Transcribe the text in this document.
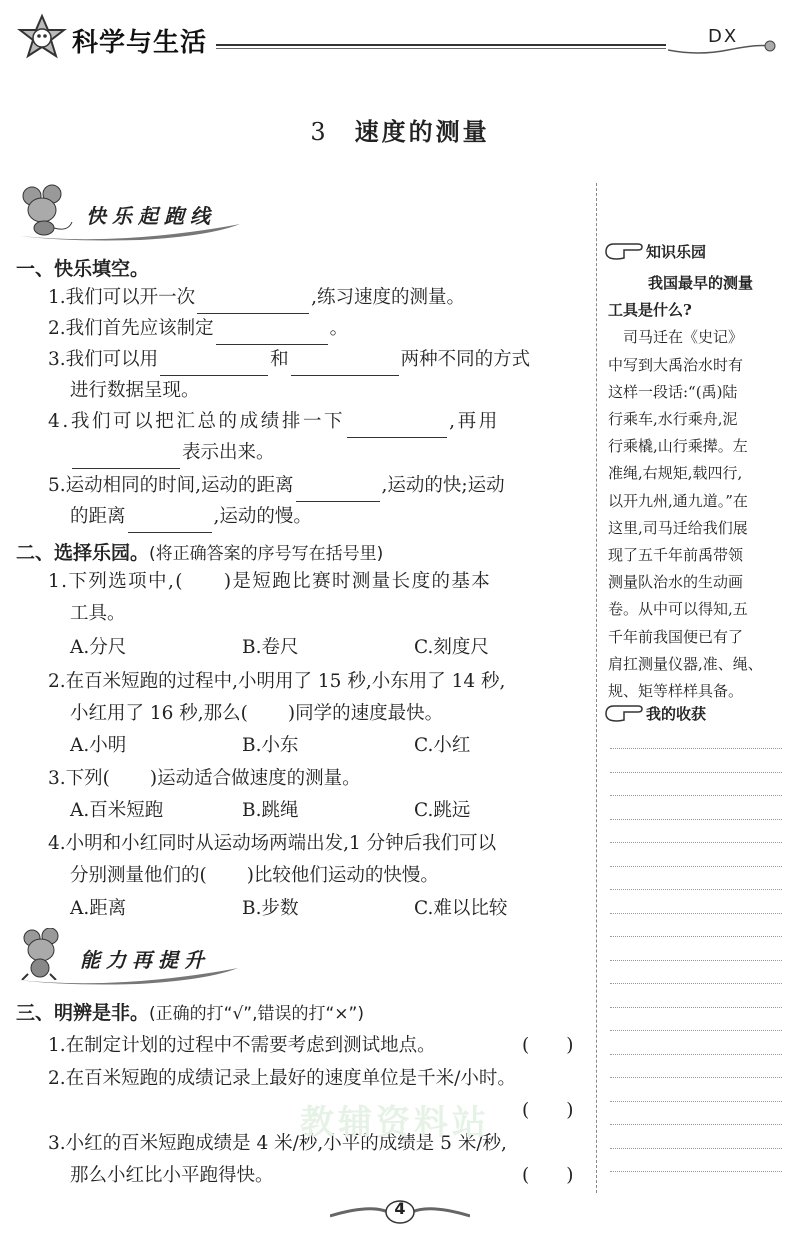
科学与生活	DX
3 速度的测量
快乐起跑线
一、快乐填空。
1.我们可以开一次	,练习速度的测量。
2.我们首先应该制定	。
3.我们可以用	和	两种不同的方式
进行数据呈现。
4.我们可以把汇总的成绩排一下	,再用
表示出来。
5.运动相同的时间,运动的距离	,运动的快;运动
的距离	,运动的慢。
二、选择乐园。(将正确答案的序号写在括号里)
1.下列选项中,( )是短跑比赛时测量长度的基本
工具。
A.分尺	B.卷尺	C.刻度尺
2.在百米短跑的过程中,小明用了 15 秒,小东用了 14 秒,
小红用了 16 秒,那么( )同学的速度最快。
A.小明	B.小东	C.小红
3.下列( )运动适合做速度的测量。
A.百米短跑	B.跳绳	C.跳远
4.小明和小红同时从运动场两端出发,1 分钟后我们可以
分别测量他们的( )比较他们运动的快慢。
A.距离	B.步数	C.难以比较
能力再提升
三、明辨是非。(正确的打“√”,错误的打“×”)
1.在制定计划的过程中不需要考虑到测试地点。	(　　)
2.在百米短跑的成绩记录上最好的速度单位是千米/小时。
(　　)
3.小红的百米短跑成绩是 4 米/秒,小平的成绩是 5 米/秒,
那么小红比小平跑得快。	(　　)
知识乐园
我国最早的测量
工具是什么?
　司马迁在《史记》
中写到大禹治水时有
这样一段话:“(禹)陆
行乘车,水行乘舟,泥
行乘橇,山行乘撵。左
准绳,右规矩,载四行,
以开九州,通九道。”在
这里,司马迁给我们展
现了五千年前禹带领
测量队治水的生动画
卷。从中可以得知,五
千年前我国便已有了
肩扛测量仪器,准、绳、
规、矩等样样具备。
我的收获
教辅资料站
4
